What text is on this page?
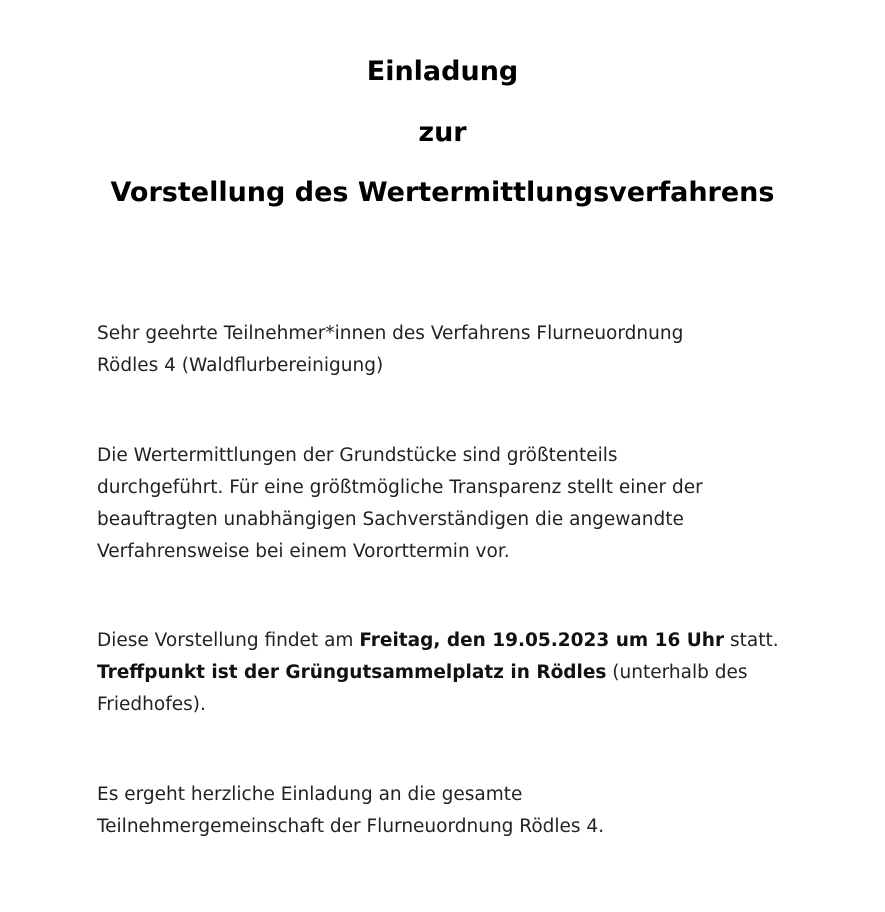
Einladung
zur
Vorstellung des Wertermittlungsverfahrens

Sehr geehrte Teilnehmer*innen des Verfahrens Flurneuordnung
Rödles 4 (Waldflurbereinigung)

Die Wertermittlungen der Grundstücke sind größtenteils
durchgeführt. Für eine größtmögliche Transparenz stellt einer der
beauftragten unabhängigen Sachverständigen die angewandte
Verfahrensweise bei einem Vororttermin vor.

Diese Vorstellung findet am Freitag, den 19.05.2023 um 16 Uhr statt.
Treffpunkt ist der Grüngutsammelplatz in Rödles (unterhalb des
Friedhofes).

Es ergeht herzliche Einladung an die gesamte
Teilnehmergemeinschaft der Flurneuordnung Rödles 4.
